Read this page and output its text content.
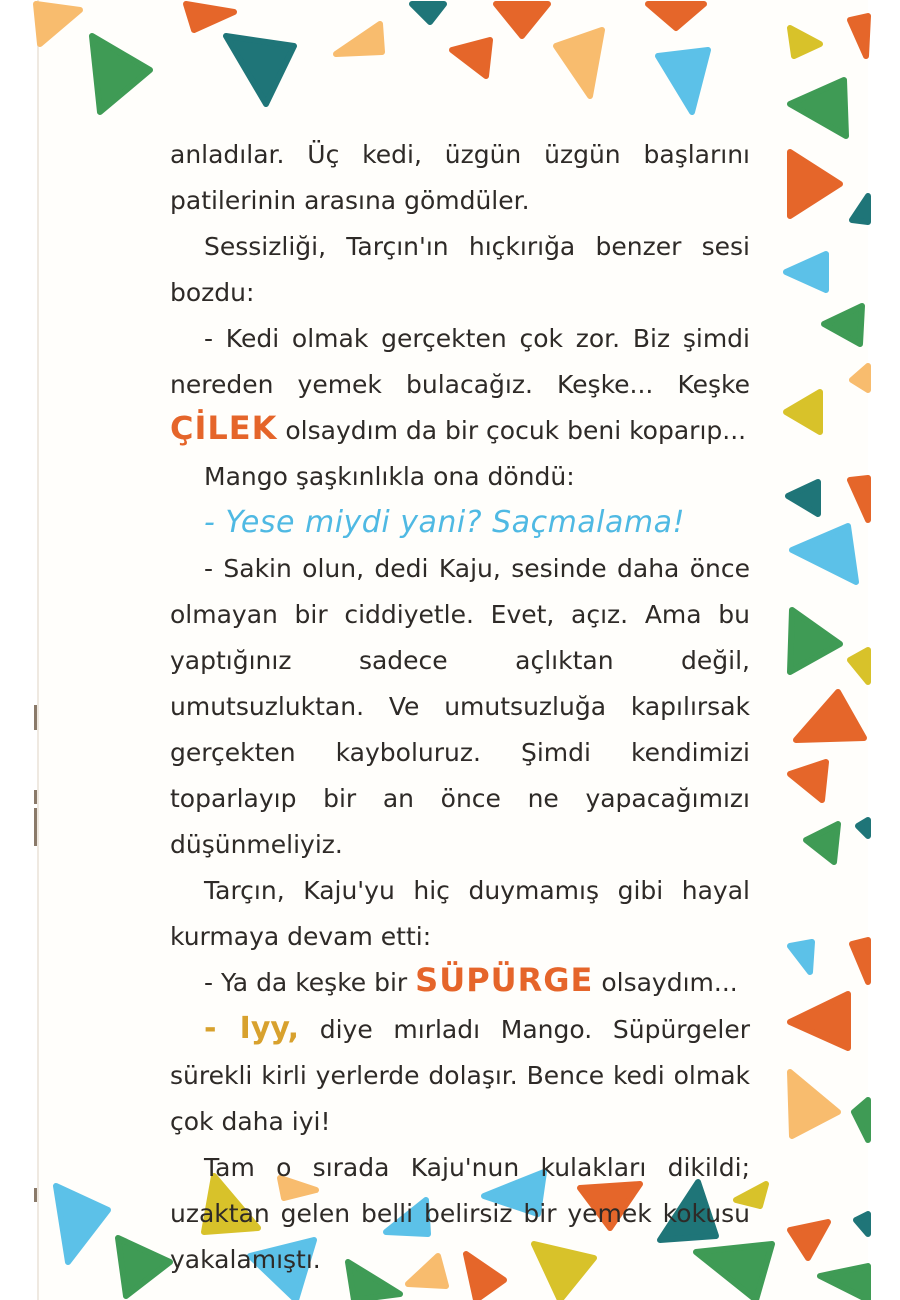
anladılar. Üç kedi, üzgün üzgün başlarını patilerinin arasına gömdüler.

Sessizliği, Tarçın'ın hıçkırığa benzer sesi bozdu:

- Kedi olmak gerçekten çok zor. Biz şimdi nereden yemek bulacağız. Keşke... Keşke ÇİLEK olsaydım da bir çocuk beni koparıp...

Mango şaşkınlıkla ona döndü:

- Yese miydi yani? Saçmalama!

- Sakin olun, dedi Kaju, sesinde daha önce olmayan bir ciddiyetle. Evet, açız. Ama bu yaptığınız sadece açlıktan değil, umutsuzluktan. Ve umutsuzluğa kapılırsak gerçekten kayboluruz. Şimdi kendimizi toparlayıp bir an önce ne yapacağımızı düşünmeliyiz.

Tarçın, Kaju'yu hiç duymamış gibi hayal kurmaya devam etti:

- Ya da keşke bir SÜPÜRGE olsaydım...

- Iyy, diye mırladı Mango. Süpürgeler sürekli kirli yerlerde dolaşır. Bence kedi olmak çok daha iyi!

Tam o sırada Kaju'nun kulakları dikildi; uzaktan gelen belli belirsiz bir yemek kokusu yakalamıştı.
